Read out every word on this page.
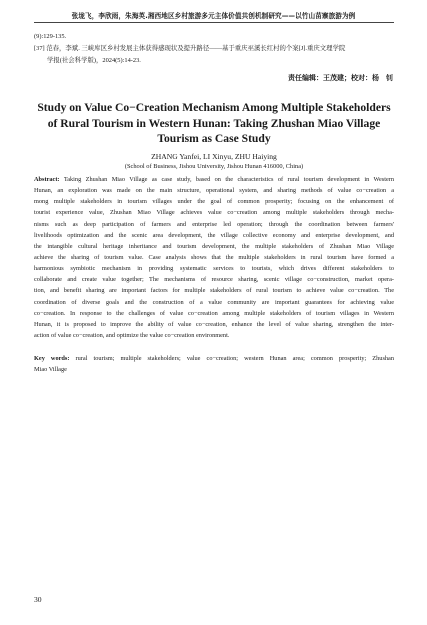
张垅飞，李欣雨，朱海英.湘西地区乡村旅游多元主体价值共创机制研究——以竹山苗寨旅游为例
(9):129-135.
[37] 范春，李斌. 三峡库区乡村发展主体获得感现状及提升路径——基于重庆巫溪长红村的个案[J].重庆文理学院
学报(社会科学版)，2024(5):14-23.
责任编辑：王茂建；校对：杨　钊
Study on Value Co−Creation Mechanism Among Multiple Stakeholders of Rural Tourism in Western Hunan: Taking Zhushan Miao Village Tourism as Case Study
ZHANG Yanfei, LI Xinyu, ZHU Haiying
(School of Business, Jishou University, Jishou Hunan 416000, China)
Abstract: Taking Zhushan Miao Village as case study, based on the characteristics of rural tourism development in Western
Hunan, an exploration was made on the main structure, operational system, and sharing methods of value co−creation a
mong multiple stakeholders in tourism villages under the goal of common prosperity; focusing on the enhancement of
tourist experience value, Zhushan Miao Village achieves value co−creation among multiple stakeholders through mecha-
nisms such as deep participation of farmers and enterprise led operation; through the coordination between farmers'
livelihoods optimization and the scenic area development, the village collective economy and enterprise development, and
the intangible cultural heritage inheritance and tourism development, the multiple stakeholders of Zhushan Miao Village
achieve the sharing of tourism value. Case analysis shows that the multiple stakeholders in rural tourism have formed a
harmonious symbiotic mechanism in providing systematic services to tourists, which drives different stakeholders to
collaborate and create value together; The mechanisms of resource sharing, scenic village co−construction, market opera-
tion, and benefit sharing are important factors for multiple stakeholders of rural tourism to achieve value co−creation. The
coordination of diverse goals and the construction of a value community are important guarantees for achieving value
co−creation. In response to the challenges of value co−creation among multiple stakeholders of tourism villages in Western
Hunan, it is proposed to improve the ability of value co−creation, enhance the level of value sharing, strengthen the inter-
action of value co−creation, and optimize the value co−creation environment.
Key words: rural tourism; multiple stakeholders; value co−creation; western Hunan area; common prosperity; Zhushan
Miao Village
30
